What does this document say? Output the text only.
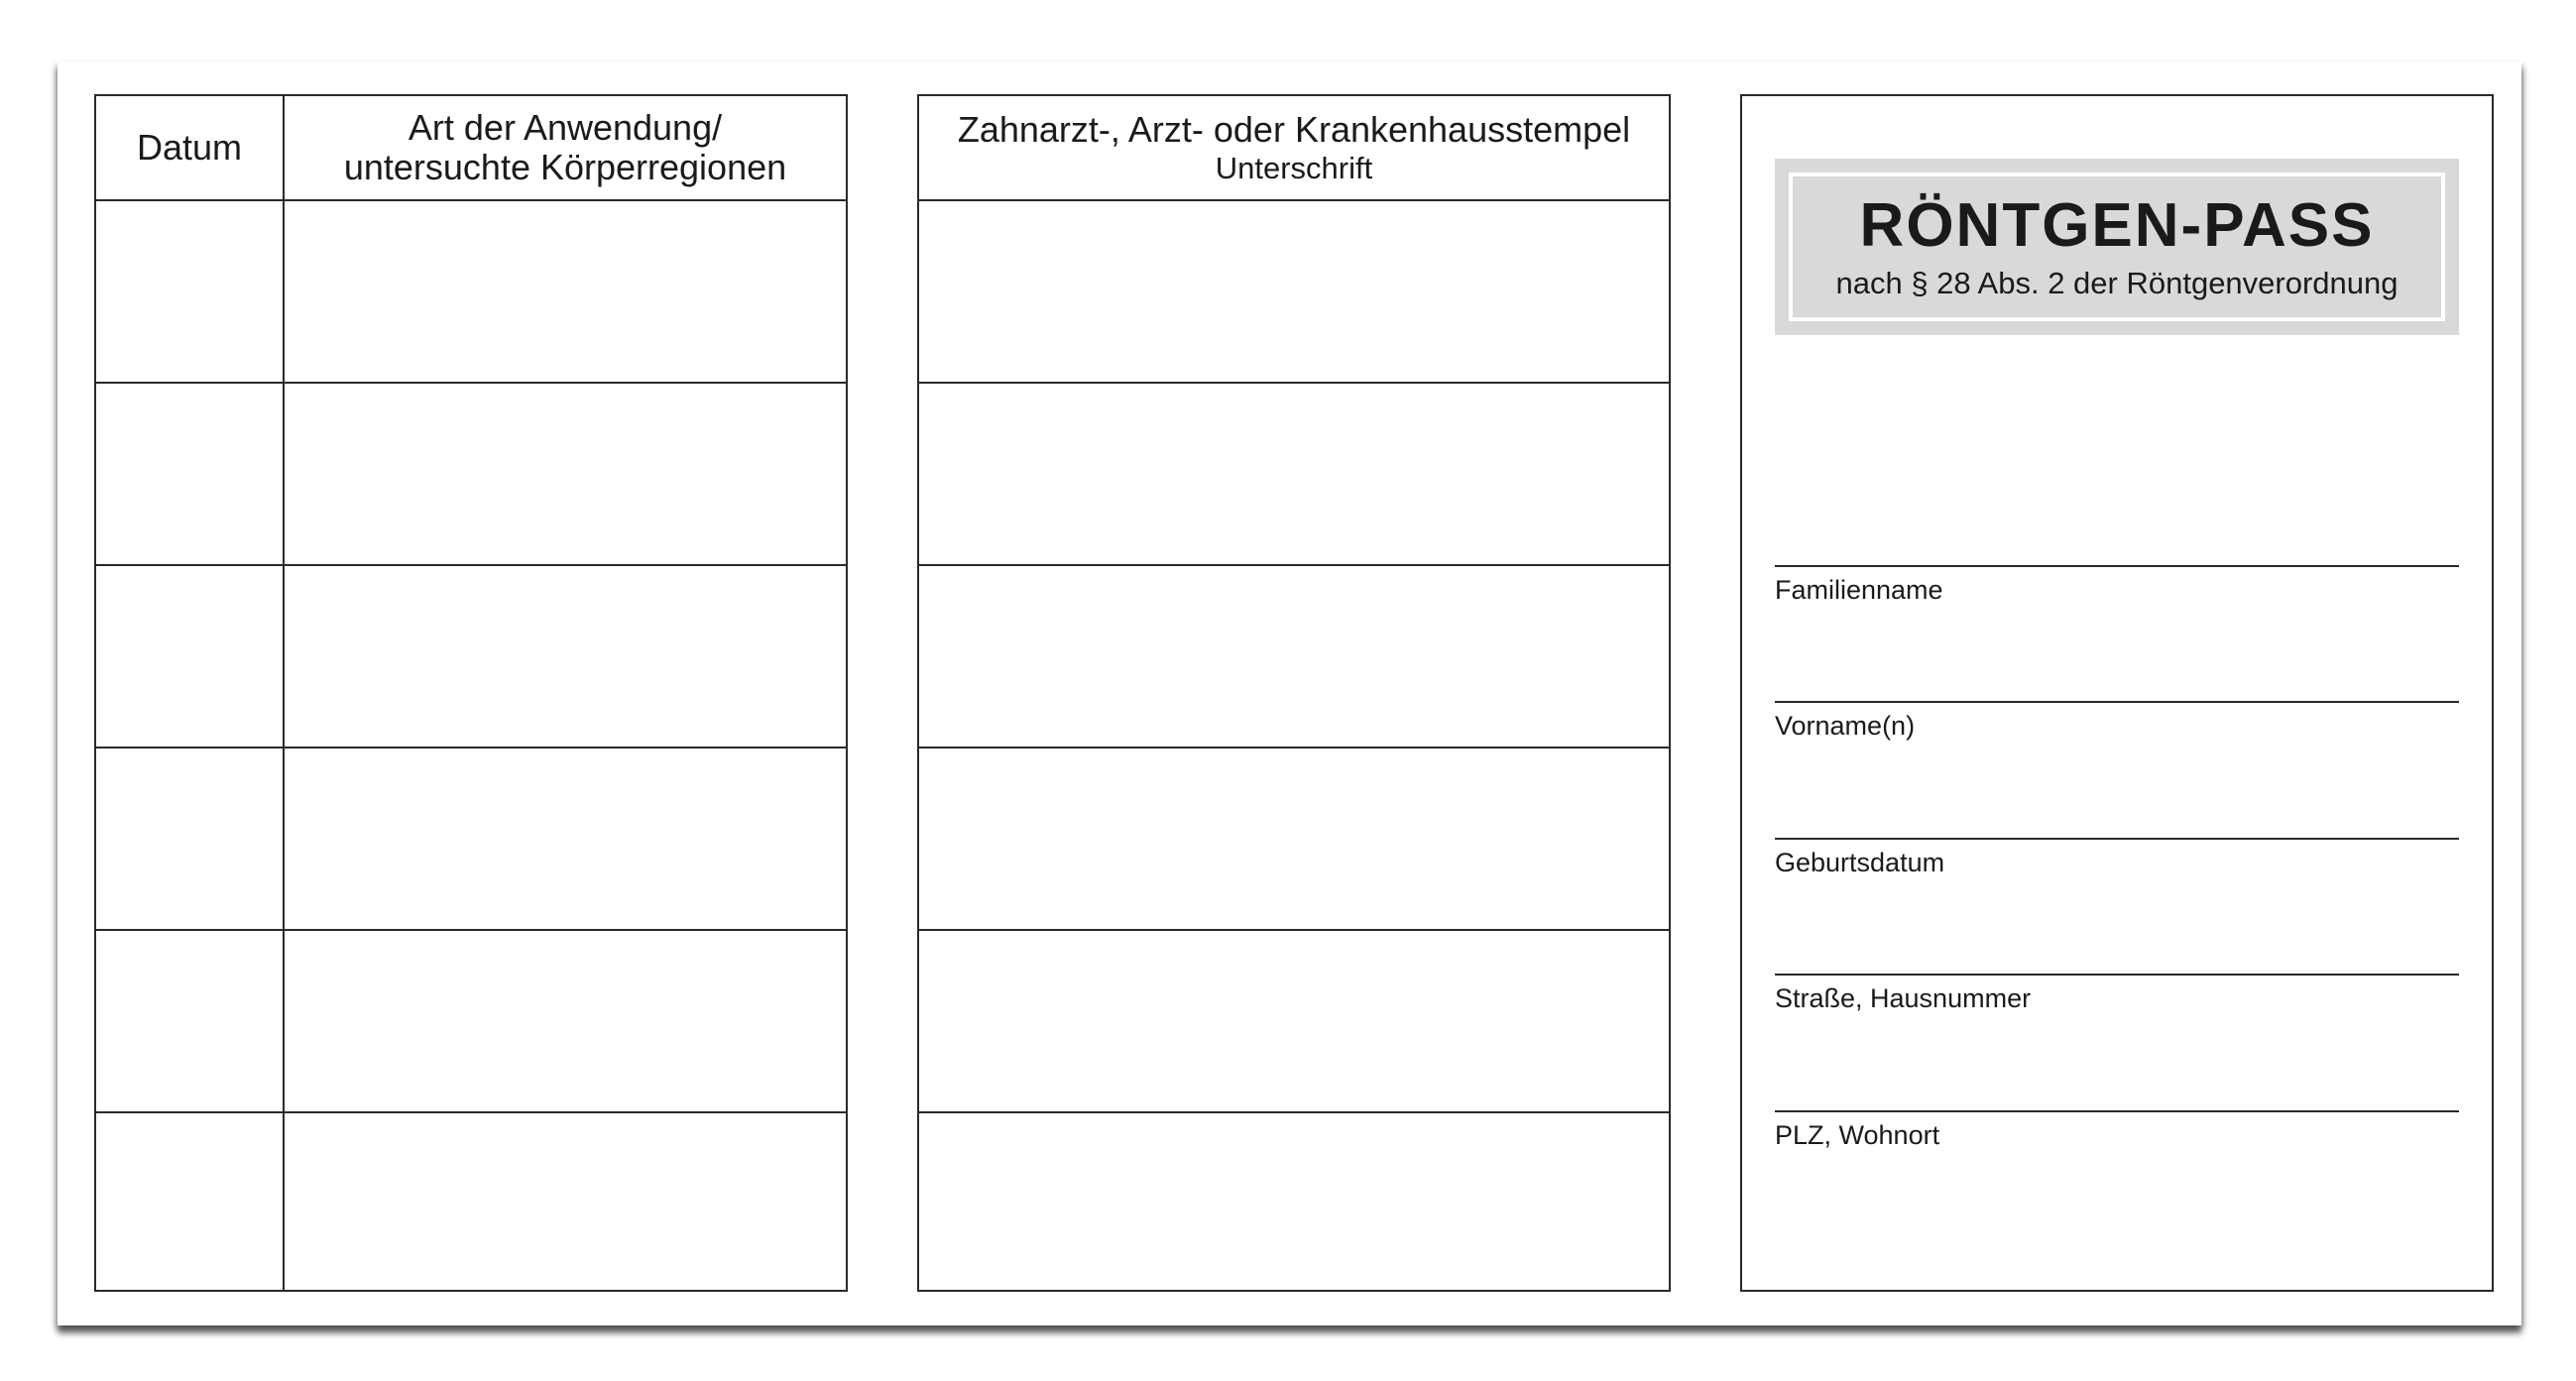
Datum	Art der Anwendung/
untersuchte Körperregionen
Zahnarzt-, Arzt- oder Krankenhausstempel
Unterschrift
RÖNTGEN-PASS
nach § 28 Abs. 2 der Röntgenverordnung
Familienname
Vorname(n)
Geburtsdatum
Straße, Hausnummer
PLZ, Wohnort
